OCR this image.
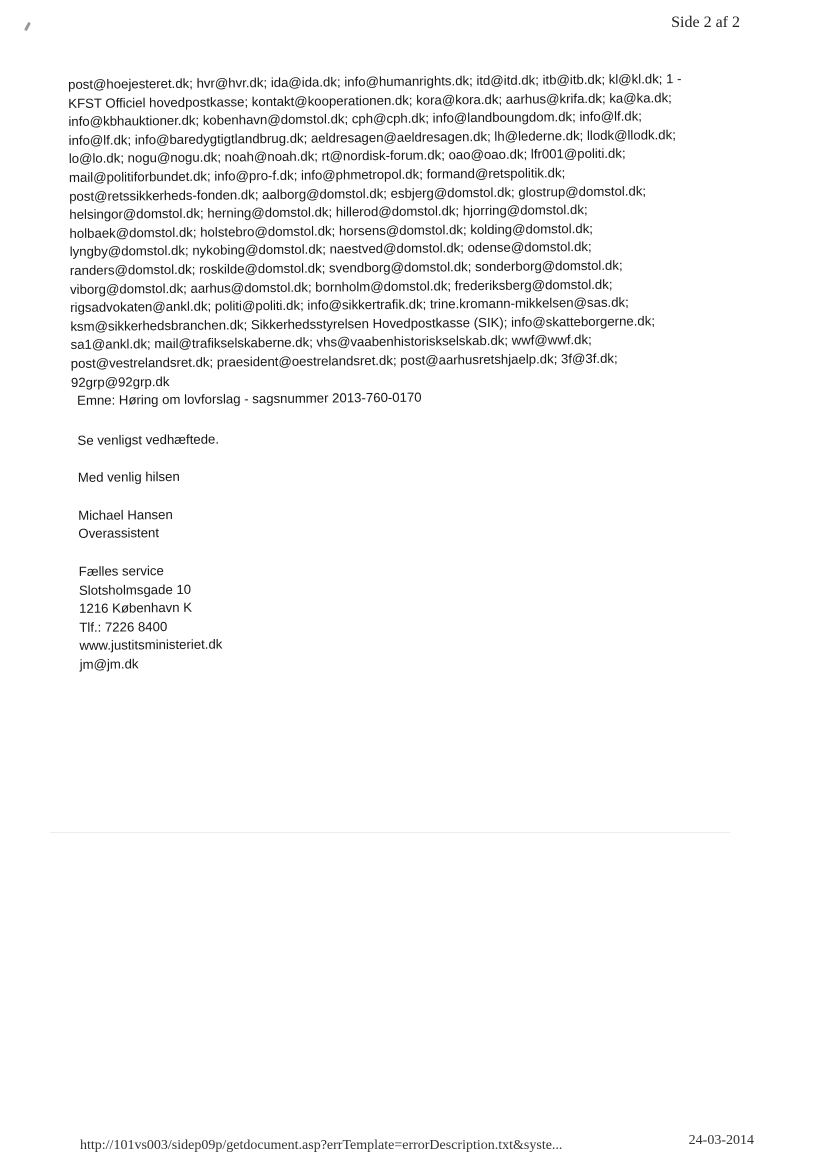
Side 2 af 2
post@hoejesteret.dk; hvr@hvr.dk; ida@ida.dk; info@humanrights.dk; itd@itd.dk; itb@itb.dk; kl@kl.dk; 1 -
KFST Officiel hovedpostkasse; kontakt@kooperationen.dk; kora@kora.dk; aarhus@krifa.dk; ka@ka.dk;
info@kbhauktioner.dk; kobenhavn@domstol.dk; cph@cph.dk; info@landboungdom.dk; info@lf.dk;
info@lf.dk; info@baredygtigtlandbrug.dk; aeldresagen@aeldresagen.dk; lh@lederne.dk; llodk@llodk.dk;
lo@lo.dk; nogu@nogu.dk; noah@noah.dk; rt@nordisk-forum.dk; oao@oao.dk; lfr001@politi.dk;
mail@politiforbundet.dk; info@pro-f.dk; info@phmetropol.dk; formand@retspolitik.dk;
post@retssikkerheds-fonden.dk; aalborg@domstol.dk; esbjerg@domstol.dk; glostrup@domstol.dk;
helsingor@domstol.dk; herning@domstol.dk; hillerod@domstol.dk; hjorring@domstol.dk;
holbaek@domstol.dk; holstebro@domstol.dk; horsens@domstol.dk; kolding@domstol.dk;
lyngby@domstol.dk; nykobing@domstol.dk; naestved@domstol.dk; odense@domstol.dk;
randers@domstol.dk; roskilde@domstol.dk; svendborg@domstol.dk; sonderborg@domstol.dk;
viborg@domstol.dk; aarhus@domstol.dk; bornholm@domstol.dk; frederiksberg@domstol.dk;
rigsadvokaten@ankl.dk; politi@politi.dk; info@sikkertrafik.dk; trine.kromann-mikkelsen@sas.dk;
ksm@sikkerhedsbranchen.dk; Sikkerhedsstyrelsen Hovedpostkasse (SIK); info@skatteborgerne.dk;
sa1@ankl.dk; mail@trafikselskaberne.dk; vhs@vaabenhistoriskselskab.dk; wwf@wwf.dk;
post@vestrelandsret.dk; praesident@oestrelandsret.dk; post@aarhusretshjaelp.dk; 3f@3f.dk;
92grp@92grp.dk
Emne: Høring om lovforslag - sagsnummer 2013-760-0170
Se venligst vedhæftede.
Med venlig hilsen
Michael Hansen
Overassistent
Fælles service
Slotsholmsgade 10
1216 København K
Tlf.: 7226 8400
www.justitsministeriet.dk
jm@jm.dk
http://101vs003/sidep09p/getdocument.asp?errTemplate=errorDescription.txt&syste...	24-03-2014
